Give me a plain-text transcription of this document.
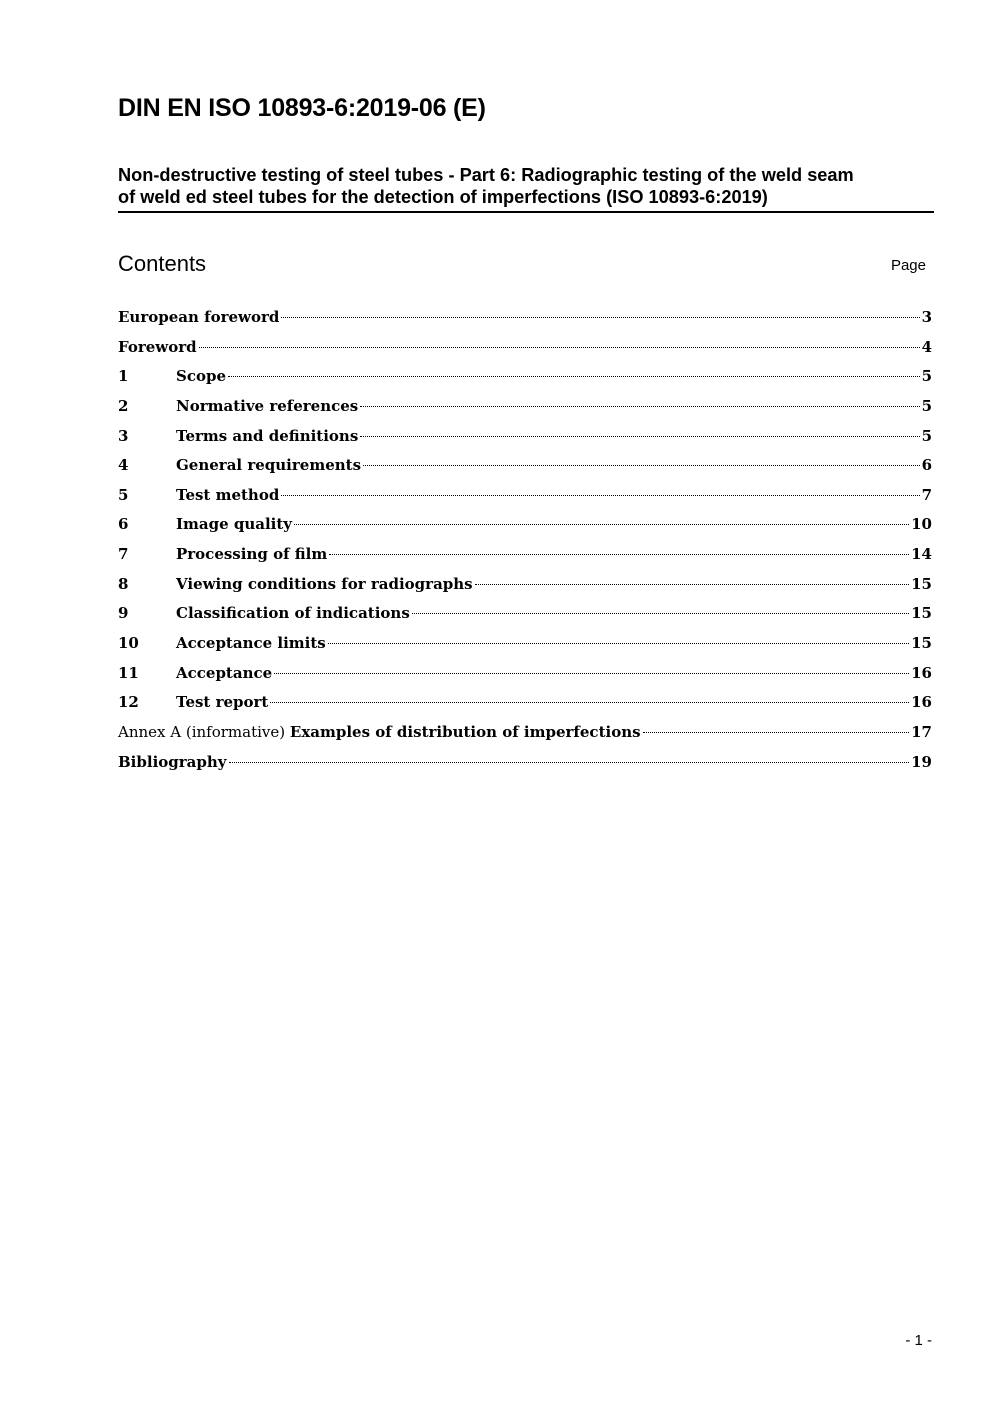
DIN EN ISO 10893-6:2019-06 (E)
Non-destructive testing of steel tubes - Part 6: Radiographic testing of the weld seam
of weld ed steel tubes for the detection of imperfections (ISO 10893-6:2019)
Contents	Page
European foreword	3
Foreword	4
1	Scope	5
2	Normative references	5
3	Terms and definitions	5
4	General requirements	6
5	Test method	7
6	Image quality	10
7	Processing of film	14
8	Viewing conditions for radiographs	15
9	Classification of indications	15
10	Acceptance limits	15
11	Acceptance	16
12	Test report	16
Annex A (informative) Examples of distribution of imperfections	17
Bibliography	19
- 1 -
